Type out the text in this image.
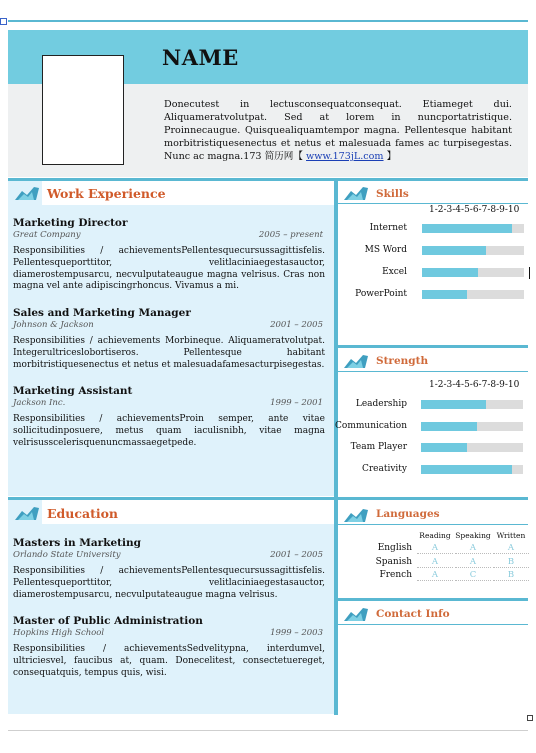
NAME
Donecutest in lectusconsequatconsequat. Etiameget dui. Aliquameratvolutpat. Sed at lorem in nuncportatristique. Proinnecaugue. Quisquealiquamtempor magna. Pellentesque habitant morbitristiquesenectus et netus et malesuada fames ac turpisegestas. Nunc ac magna.173 简历网【 www.173jL.com 】
Work Experience
Marketing Director
Great Company	2005 – present
Responsibilities / achievementsPellentesquecursussagittisfelis. Pellentesqueporttitor, velitlaciniaegestasauctor, diamerostempusarcu, necvulputateaugue magna velrisus. Cras non magna vel ante adipiscingrhoncus. Vivamus a mi.
Sales and Marketing Manager
Johnson & Jackson	2001 – 2005
Responsibilities / achievements Morbineque. Aliquameratvolutpat. Integerultriceslobortiseros. Pellentesque habitant morbitristiquesenectus et netus et malesuadafamesacturpisegestas.
Marketing Assistant
Jackson Inc.	1999 – 2001
Responsibilities / achievementsProin semper, ante vitae sollicitudinposuere, metus quam iaculisnibh, vitae magna velrisusscelerisquenuncmassaegetpede.
Education
Masters in Marketing
Orlando State University	2001 – 2005
Responsibilities / achievementsPellentesquecursussagittisfelis. Pellentesqueporttitor, velitlaciniaegestasauctor, diamerostempusarcu, necvulputateaugue magna velrisus.
Master of Public Administration
Hopkins High School	1999 – 2003
Responsibilities / achievementsSedvelitурna, interdumvel, ultriciesvel, faucibus at, quam. Donecelitest, consectetuereget, consequatquis, tempus quis, wisi.
Skills
1-2-3-4-5-6-7-8-9-10
Internet
MS Word
Excel
PowerPoint
Strength
1-2-3-4-5-6-7-8-9-10
Leadership
Communication
Team Player
Creativity
Languages
Reading Speaking Written
English	A	A	A
Spanish	A	A	B
French	A	C	B
Contact Info
